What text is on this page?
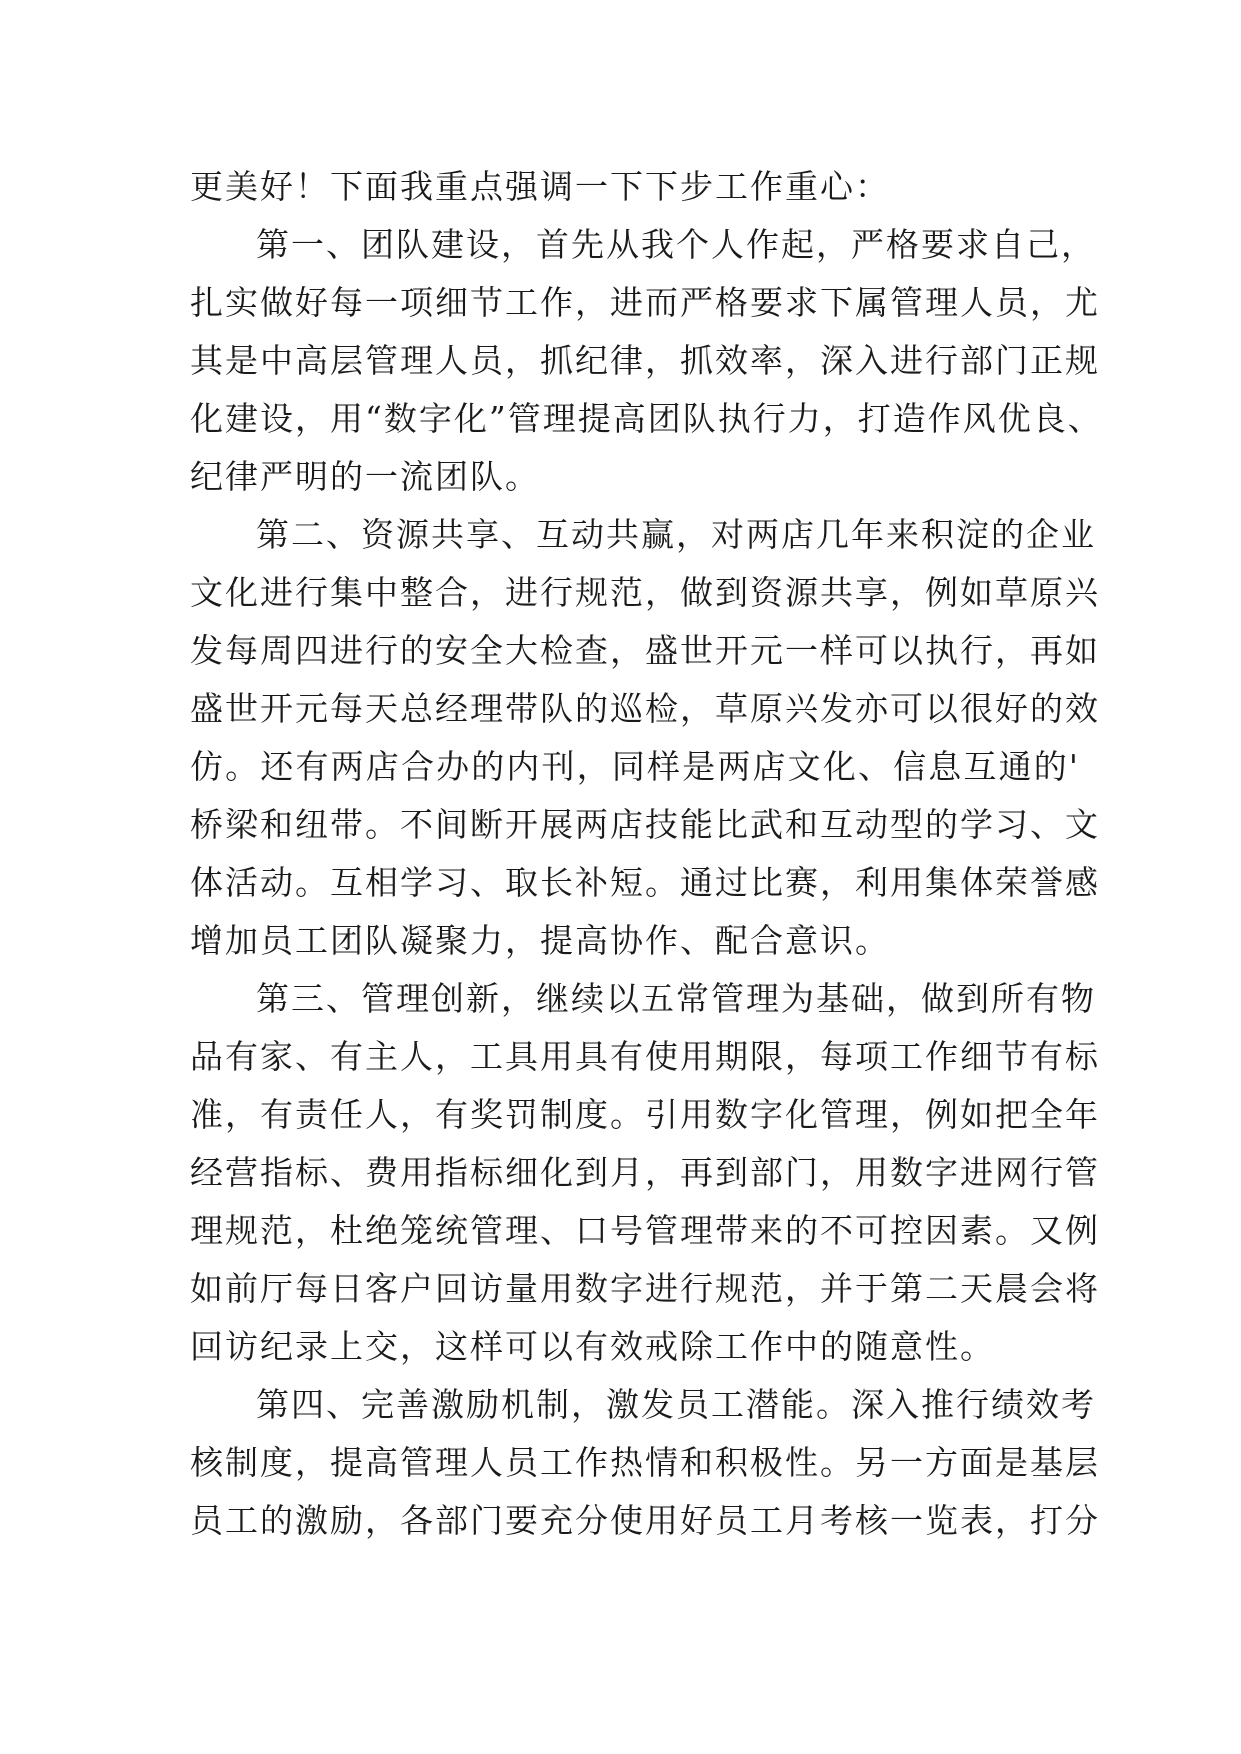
更美好！下面我重点强调一下下步工作重心：
第一、团队建设，首先从我个人作起，严格要求自己，
扎实做好每一项细节工作，进而严格要求下属管理人员，尤
其是中高层管理人员，抓纪律，抓效率，深入进行部门正规
化建设，用“数字化”管理提高团队执行力，打造作风优良、
纪律严明的一流团队。
第二、资源共享、互动共赢，对两店几年来积淀的企业
文化进行集中整合，进行规范，做到资源共享，例如草原兴
发每周四进行的安全大检查，盛世开元一样可以执行，再如
盛世开元每天总经理带队的巡检，草原兴发亦可以很好的效
仿。还有两店合办的内刊，同样是两店文化、信息互通的'
桥梁和纽带。不间断开展两店技能比武和互动型的学习、文
体活动。互相学习、取长补短。通过比赛，利用集体荣誉感
增加员工团队凝聚力，提高协作、配合意识。
第三、管理创新，继续以五常管理为基础，做到所有物
品有家、有主人，工具用具有使用期限，每项工作细节有标
准，有责任人，有奖罚制度。引用数字化管理，例如把全年
经营指标、费用指标细化到月，再到部门，用数字进网行管
理规范，杜绝笼统管理、口号管理带来的不可控因素。又例
如前厅每日客户回访量用数字进行规范，并于第二天晨会将
回访纪录上交，这样可以有效戒除工作中的随意性。
第四、完善激励机制，激发员工潜能。深入推行绩效考
核制度，提高管理人员工作热情和积极性。另一方面是基层
员工的激励，各部门要充分使用好员工月考核一览表，打分
